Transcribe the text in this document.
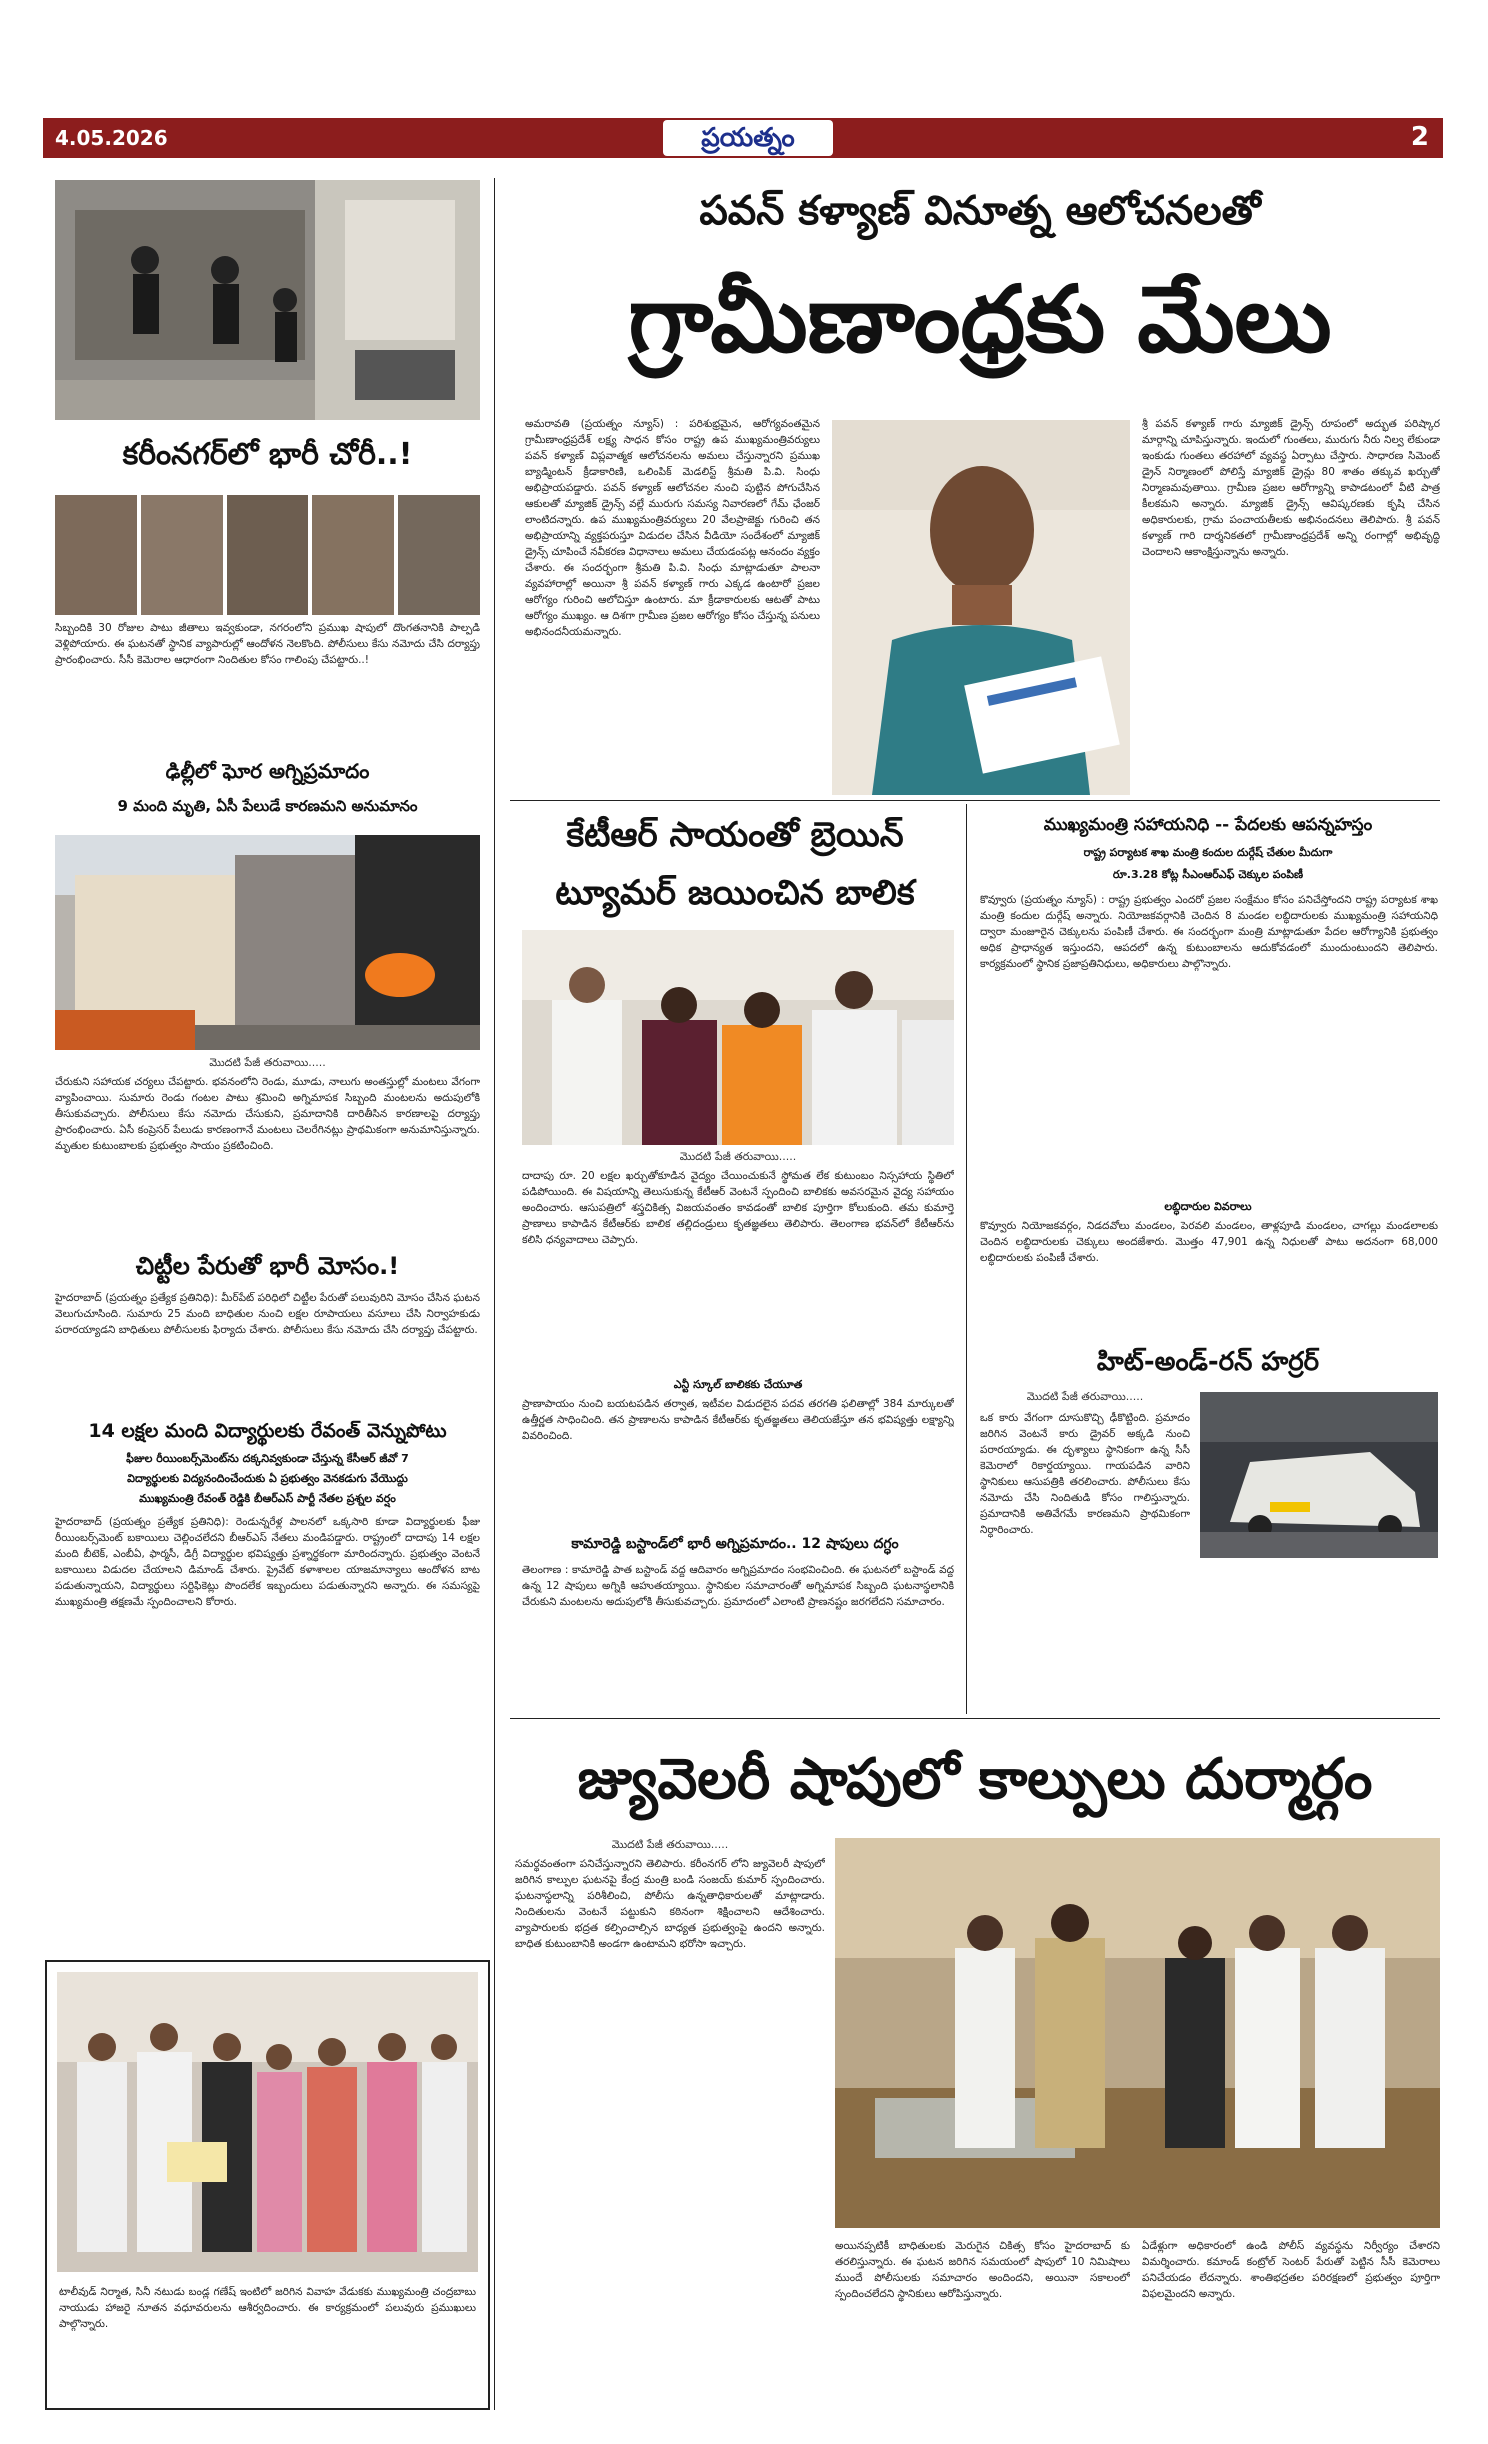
4.05.2026	ప్రయత్నం	2
కరీంనగర్‌లో భారీ చోరీ..!
సిబ్బందికి 30 రోజుల పాటు జీతాలు ఇవ్వకుండా, నగరంలోని ప్రముఖ షాపులో దొంగతనానికి పాల్పడి వెళ్లిపోయారు. ఈ ఘటనతో స్థానిక వ్యాపారుల్లో ఆందోళన నెలకొంది. పోలీసులు కేసు నమోదు చేసి దర్యాప్తు ప్రారంభించారు. సీసీ కెమెరాల ఆధారంగా నిందితుల కోసం గాలింపు చేపట్టారు..!
ఢిల్లీలో ఘోర అగ్నిప్రమాదం
9 మంది మృతి, ఏసీ పేలుడే కారణమని అనుమానం
మొదటి పేజీ తరువాయి.....
చేరుకుని సహాయక చర్యలు చేపట్టారు. భవనంలోని రెండు, మూడు, నాలుగు అంతస్తుల్లో మంటలు వేగంగా వ్యాపించాయి. సుమారు రెండు గంటల పాటు శ్రమించి అగ్నిమాపక సిబ్బంది మంటలను అదుపులోకి తీసుకువచ్చారు. పోలీసులు కేసు నమోదు చేసుకుని, ప్రమాదానికి దారితీసిన కారణాలపై దర్యాప్తు ప్రారంభించారు. ఏసీ కంప్రెసర్ పేలుడు కారణంగానే మంటలు చెలరేగినట్లు ప్రాథమికంగా అనుమానిస్తున్నారు. మృతుల కుటుంబాలకు ప్రభుత్వం సాయం ప్రకటించింది.
చిట్టీల పేరుతో భారీ మోసం.!
హైదరాబాద్ (ప్రయత్నం ప్రత్యేక ప్రతినిధి): మీర్‌పేట్ పరిధిలో చిట్టీల పేరుతో పలువురిని మోసం చేసిన ఘటన వెలుగుచూసింది. సుమారు 25 మంది బాధితుల నుంచి లక్షల రూపాయలు వసూలు చేసి నిర్వాహకుడు పరారయ్యాడని బాధితులు పోలీసులకు ఫిర్యాదు చేశారు. పోలీసులు కేసు నమోదు చేసి దర్యాప్తు చేపట్టారు.
14 లక్షల మంది విద్యార్థులకు రేవంత్ వెన్నుపోటు
ఫీజుల రీయింబర్స్‌మెంట్‌ను దక్కనివ్వకుండా చేస్తున్న కేసీఆర్ జీవో 7
విద్యార్థులకు విద్యనందించేందుకు ఏ ప్రభుత్వం వెనకడుగు వేయొద్దు
ముఖ్యమంత్రి రేవంత్ రెడ్డికి బీఆర్ఎస్ పార్టీ నేతల ప్రశ్నల వర్షం
హైదరాబాద్ (ప్రయత్నం ప్రత్యేక ప్రతినిధి): రెండున్నరేళ్ల పాలనలో ఒక్కసారి కూడా విద్యార్థులకు ఫీజు రీయింబర్స్‌మెంట్ బకాయిలు చెల్లించలేదని బీఆర్ఎస్ నేతలు మండిపడ్డారు. రాష్ట్రంలో దాదాపు 14 లక్షల మంది బీటెక్, ఎంబీఏ, ఫార్మసీ, డిగ్రీ విద్యార్థుల భవిష్యత్తు ప్రశ్నార్థకంగా మారిందన్నారు. ప్రభుత్వం వెంటనే బకాయిలు విడుదల చేయాలని డిమాండ్ చేశారు. ప్రైవేట్ కళాశాలల యాజమాన్యాలు ఆందోళన బాట పడుతున్నాయని, విద్యార్థులు సర్టిఫికెట్లు పొందలేక ఇబ్బందులు పడుతున్నారని అన్నారు. ఈ సమస్యపై ముఖ్యమంత్రి తక్షణమే స్పందించాలని కోరారు.
టాలీవుడ్ నిర్మాత, సినీ నటుడు బండ్ల గణేష్ ఇంటిలో జరిగిన వివాహ వేడుకకు ముఖ్యమంత్రి చంద్రబాబు నాయుడు హాజరై నూతన వధూవరులను ఆశీర్వదించారు. ఈ కార్యక్రమంలో పలువురు ప్రముఖులు పాల్గొన్నారు.
పవన్ కళ్యాణ్ వినూత్న ఆలోచనలతో
గ్రామీణాంధ్రకు మేలు
అమరావతి (ప్రయత్నం న్యూస్) : పరిశుభ్రమైన, ఆరోగ్యవంతమైన గ్రామీణాంధ్రప్రదేశ్ లక్ష్య సాధన కోసం రాష్ట్ర ఉప ముఖ్యమంత్రివర్యులు పవన్ కళ్యాణ్ విప్లవాత్మక ఆలోచనలను అమలు చేస్తున్నారని ప్రముఖ బ్యాడ్మింటన్ క్రీడాకారిణి, ఒలింపిక్ మెడలిస్ట్ శ్రీమతి పి.వి. సింధు అభిప్రాయపడ్డారు. పవన్ కళ్యాణ్ ఆలోచనల నుంచి పుట్టిన పోగుచేసిన ఆకులతో మ్యాజిక్ డ్రైన్స్ వల్లే మురుగు సమస్య నివారణలో గేమ్ ఛేంజర్ లాంటిదన్నారు. ఉప ముఖ్యమంత్రివర్యులు 20 వేలప్రాజెక్టు గురించి తన అభిప్రాయాన్ని వ్యక్తపరుస్తూ విడుదల చేసిన వీడియో సందేశంలో మ్యాజిక్ డ్రైన్స్ చూపించే నవీకరణ విధానాలు అమలు చేయడంపట్ల ఆనందం వ్యక్తం చేశారు. ఈ సందర్భంగా శ్రీమతి పి.వి. సింధు మాట్లాడుతూ పాలనా వ్యవహారాల్లో అయినా శ్రీ పవన్ కళ్యాణ్ గారు ఎక్కడ ఉంటారో ప్రజల ఆరోగ్యం గురించి ఆలోచిస్తూ ఉంటారు. మా క్రీడాకారులకు ఆటతో పాటు ఆరోగ్యం ముఖ్యం. ఆ దిశగా గ్రామీణ ప్రజల ఆరోగ్యం కోసం చేస్తున్న పనులు అభినందనీయమన్నారు.
శ్రీ పవన్ కళ్యాణ్ గారు మ్యాజిక్ డ్రైన్స్ రూపంలో అద్భుత పరిష్కార మార్గాన్ని చూపిస్తున్నారు. ఇందులో గుంతలు, మురుగు నీరు నిల్వ లేకుండా ఇంకుడు గుంతలు తరహాలో వ్యవస్థ ఏర్పాటు చేస్తారు. సాధారణ సిమెంట్ డ్రైన్ నిర్మాణంలో పోలిస్తే మ్యాజిక్ డ్రైన్లు 80 శాతం తక్కువ ఖర్చుతో నిర్మాణమవుతాయి. గ్రామీణ ప్రజల ఆరోగ్యాన్ని కాపాడటంలో వీటి పాత్ర కీలకమని అన్నారు. మ్యాజిక్ డ్రైన్స్ ఆవిష్కరణకు కృషి చేసిన అధికారులకు, గ్రామ పంచాయతీలకు అభినందనలు తెలిపారు. శ్రీ పవన్ కళ్యాణ్ గారి దార్శనికతలో గ్రామీణాంధ్రప్రదేశ్ అన్ని రంగాల్లో అభివృద్ధి చెందాలని ఆకాంక్షిస్తున్నాను అన్నారు.
కేటీఆర్ సాయంతో బ్రెయిన్
ట్యూమర్ జయించిన బాలిక
మొదటి పేజీ తరువాయి.....
దాదాపు రూ. 20 లక్షల ఖర్చుతోకూడిన వైద్యం చేయించుకునే స్థోమత లేక కుటుంబం నిస్సహాయ స్థితిలో పడిపోయింది. ఈ విషయాన్ని తెలుసుకున్న కేటీఆర్ వెంటనే స్పందించి బాలికకు అవసరమైన వైద్య సహాయం అందించారు. ఆసుపత్రిలో శస్త్రచికిత్స విజయవంతం కావడంతో బాలిక పూర్తిగా కోలుకుంది. తమ కుమార్తె ప్రాణాలు కాపాడిన కేటీఆర్‌కు బాలిక తల్లిదండ్రులు కృతజ్ఞతలు తెలిపారు. తెలంగాణ భవన్‌లో కేటీఆర్‌ను కలిసి ధన్యవాదాలు చెప్పారు.
ఎన్టీ స్కూల్ బాలికకు చేయూత
ప్రాణాపాయం నుంచి బయటపడిన తర్వాత, ఇటీవల విడుదలైన పదవ తరగతి ఫలితాల్లో 384 మార్కులతో ఉత్తీర్ణత సాధించింది. తన ప్రాణాలను కాపాడిన కేటీఆర్‌కు కృతజ్ఞతలు తెలియజేస్తూ తన భవిష్యత్తు లక్ష్యాన్ని వివరించింది.
కామారెడ్డి బస్టాండ్‌లో భారీ అగ్నిప్రమాదం.. 12 షాపులు దగ్ధం
తెలంగాణ : కామారెడ్డి పాత బస్టాండ్ వద్ద ఆదివారం అగ్నిప్రమాదం సంభవించింది. ఈ ఘటనలో బస్టాండ్ వద్ద ఉన్న 12 షాపులు అగ్నికి ఆహుతయ్యాయి. స్థానికుల సమాచారంతో అగ్నిమాపక సిబ్బంది ఘటనాస్థలానికి చేరుకుని మంటలను అదుపులోకి తీసుకువచ్చారు. ప్రమాదంలో ఎలాంటి ప్రాణనష్టం జరగలేదని సమాచారం.
ముఖ్యమంత్రి సహాయనిధి -- పేదలకు ఆపన్నహస్తం
రాష్ట్ర పర్యాటక శాఖ మంత్రి కందుల దుర్గేష్ చేతుల మీదుగా
రూ.3.28 కోట్ల సీఎంఆర్ఎఫ్ చెక్కుల పంపిణీ
కొవ్వూరు (ప్రయత్నం న్యూస్) : రాష్ట్ర ప్రభుత్వం ఎందరో ప్రజల సంక్షేమం కోసం పనిచేస్తోందని రాష్ట్ర పర్యాటక శాఖ మంత్రి కందుల దుర్గేష్ అన్నారు. నియోజకవర్గానికి చెందిన 8 మండల లబ్ధిదారులకు ముఖ్యమంత్రి సహాయనిధి ద్వారా మంజూరైన చెక్కులను పంపిణీ చేశారు. ఈ సందర్భంగా మంత్రి మాట్లాడుతూ పేదల ఆరోగ్యానికి ప్రభుత్వం అధిక ప్రాధాన్యత ఇస్తుందని, ఆపదలో ఉన్న కుటుంబాలను ఆదుకోవడంలో ముందుంటుందని తెలిపారు. కార్యక్రమంలో స్థానిక ప్రజాప్రతినిధులు, అధికారులు పాల్గొన్నారు.
లబ్ధిదారుల వివరాలు
కొవ్వూరు నియోజకవర్గం, నిడదవోలు మండలం, పెరవలి మండలం, తాళ్లపూడి మండలం, చాగల్లు మండలాలకు చెందిన లబ్ధిదారులకు చెక్కులు అందజేశారు. మొత్తం 47,901 ఉన్న నిధులతో పాటు అదనంగా 68,000 లబ్ధిదారులకు పంపిణీ చేశారు.
హిట్-అండ్-రన్ హర్రర్
మొదటి పేజీ తరువాయి.....
ఒక కారు వేగంగా దూసుకొచ్చి ఢీకొట్టింది. ప్రమాదం జరిగిన వెంటనే కారు డ్రైవర్ అక్కడి నుంచి పరారయ్యాడు. ఈ దృశ్యాలు స్థానికంగా ఉన్న సీసీ కెమెరాలో రికార్డయ్యాయి. గాయపడిన వారిని స్థానికులు ఆసుపత్రికి తరలించారు. పోలీసులు కేసు నమోదు చేసి నిందితుడి కోసం గాలిస్తున్నారు. ప్రమాదానికి అతివేగమే కారణమని ప్రాథమికంగా నిర్ధారించారు.
జ్యువెలరీ షాపులో కాల్పులు దుర్మార్గం
మొదటి పేజీ తరువాయి.....
సమర్థవంతంగా పనిచేస్తున్నారని తెలిపారు. కరీంనగర్ లోని జ్యువెలరీ షాపులో జరిగిన కాల్పుల ఘటనపై కేంద్ర మంత్రి బండి సంజయ్ కుమార్ స్పందించారు. ఘటనాస్థలాన్ని పరిశీలించి, పోలీసు ఉన్నతాధికారులతో మాట్లాడారు. నిందితులను వెంటనే పట్టుకుని కఠినంగా శిక్షించాలని ఆదేశించారు. వ్యాపారులకు భద్రత కల్పించాల్సిన బాధ్యత ప్రభుత్వంపై ఉందని అన్నారు. బాధిత కుటుంబానికి అండగా ఉంటామని భరోసా ఇచ్చారు.
అయినప్పటికీ బాధితులకు మెరుగైన చికిత్స కోసం హైదరాబాద్ కు తరలిస్తున్నారు. ఈ ఘటన జరిగిన సమయంలో షాపులో 10 నిమిషాలు ముందే పోలీసులకు సమాచారం అందిందని, అయినా సకాలంలో స్పందించలేదని స్థానికులు ఆరోపిస్తున్నారు.
ఏడేళ్లుగా అధికారంలో ఉండి పోలీస్ వ్యవస్థను నిర్వీర్యం చేశారని విమర్శించారు. కమాండ్ కంట్రోల్ సెంటర్ పేరుతో పెట్టిన సీసీ కెమెరాలు పనిచేయడం లేదన్నారు. శాంతిభద్రతల పరిరక్షణలో ప్రభుత్వం పూర్తిగా విఫలమైందని అన్నారు.
